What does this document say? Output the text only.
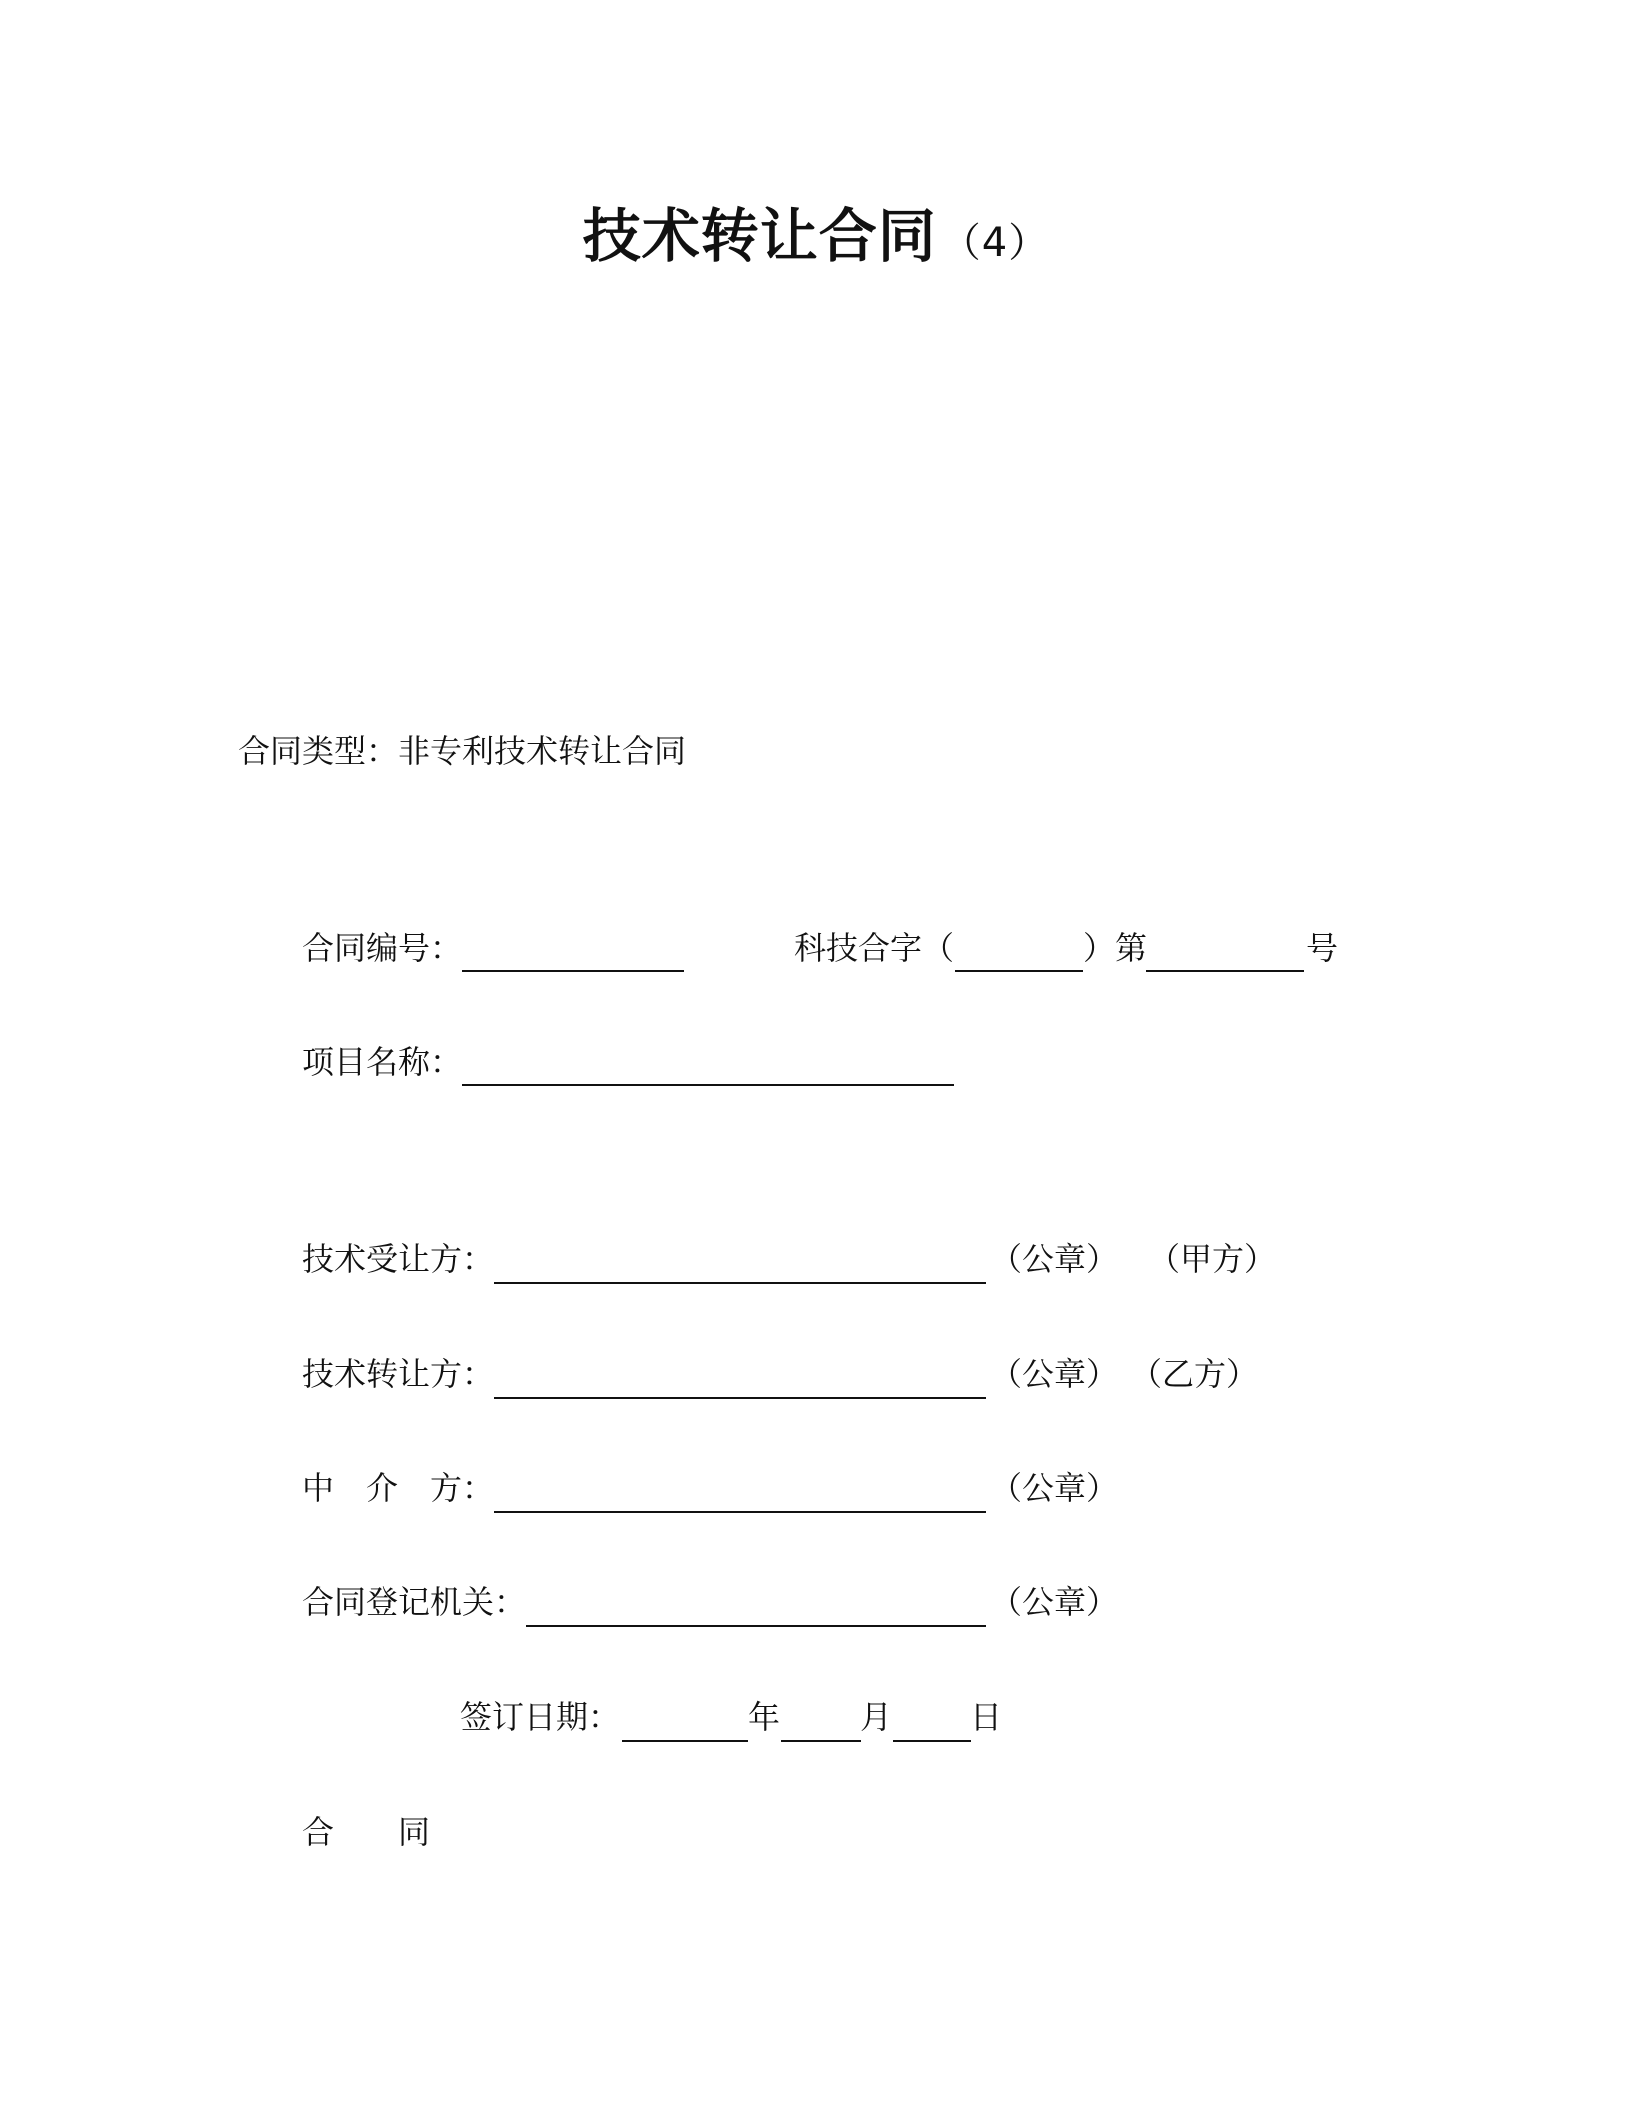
技术转让合同 （4）
合同类型：非专利技术转让合同
合同编号：	科技合字（	）第	号
项目名称：
技术受让方：	（公章） （甲方）
技术转让方：	（公章） （乙方）
中 介 方：	（公章）
合同登记机关：	（公章）
签订日期：	年 月 日
合 同
